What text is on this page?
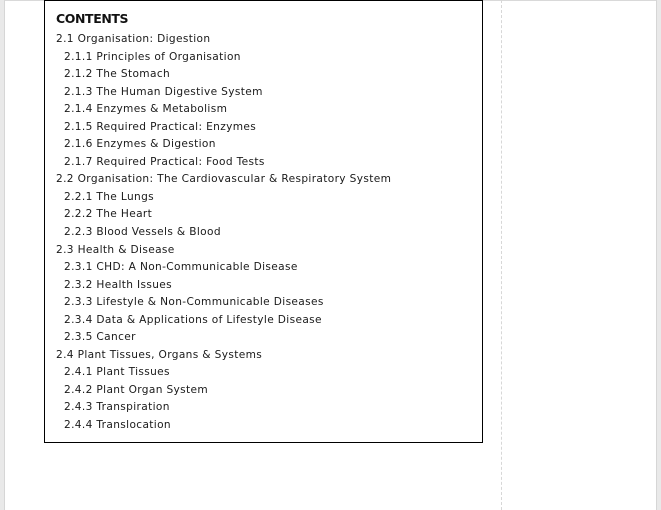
CONTENTS
2.1 Organisation: Digestion
2.1.1 Principles of Organisation
2.1.2 The Stomach
2.1.3 The Human Digestive System
2.1.4 Enzymes & Metabolism
2.1.5 Required Practical: Enzymes
2.1.6 Enzymes & Digestion
2.1.7 Required Practical: Food Tests
2.2 Organisation: The Cardiovascular & Respiratory System
2.2.1 The Lungs
2.2.2 The Heart
2.2.3 Blood Vessels & Blood
2.3 Health & Disease
2.3.1 CHD: A Non-Communicable Disease
2.3.2 Health Issues
2.3.3 Lifestyle & Non-Communicable Diseases
2.3.4 Data & Applications of Lifestyle Disease
2.3.5 Cancer
2.4 Plant Tissues, Organs & Systems
2.4.1 Plant Tissues
2.4.2 Plant Organ System
2.4.3 Transpiration
2.4.4 Translocation
